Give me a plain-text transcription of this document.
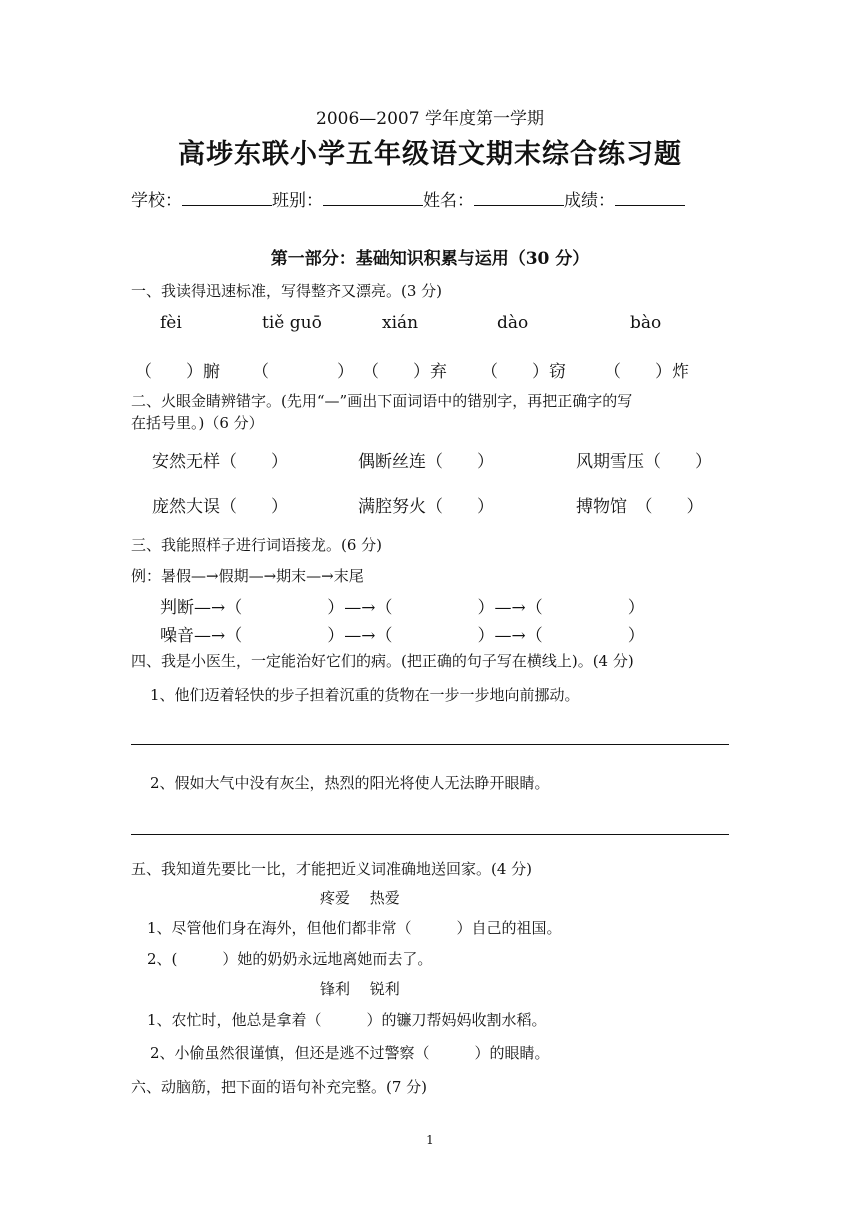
2006—2007 学年度第一学期
高埗东联小学五年级语文期末综合练习题
学校：	班别：	姓名：	成绩：
第一部分：基础知识积累与运用（30 分）
一、我读得迅速标准，写得整齐又漂亮。(3 分)
fèi	tiě guō	xián	dào	bào
（　　）腑 （　　　　） （　　）弃 （　　）窃 （　　）炸
二、火眼金睛辨错字。(先用“—”画出下面词语中的错别字，再把正确字的写
在括号里。)（6 分）
安然无样（　　）	偶断丝连（　　）	风期雪压（　　）
庞然大误（　　）	满腔努火（　　）	搏物馆　（　　）
三、我能照样子进行词语接龙。(6 分)
例：暑假—→假期—→期末—→末尾
判断—→（　　　　　）—→（　　　　　）—→（　　　　　）
噪音—→（　　　　　）—→（　　　　　）—→（　　　　　）
四、我是小医生，一定能治好它们的病。(把正确的句子写在横线上)。(4 分)
1、他们迈着轻快的步子担着沉重的货物在一步一步地向前挪动。
2、假如大气中没有灰尘，热烈的阳光将使人无法睁开眼睛。
五、我知道先要比一比，才能把近义词准确地送回家。(4 分)
疼爱　 热爱
1、尽管他们身在海外，但他们都非常（　　　）自己的祖国。
2、(　　　）她的奶奶永远地离她而去了。
锋利　 锐利
1、农忙时，他总是拿着（　　　）的镰刀帮妈妈收割水稻。
2、小偷虽然很谨慎，但还是逃不过警察（　　　）的眼睛。
六、动脑筋，把下面的语句补充完整。(7 分)
1
